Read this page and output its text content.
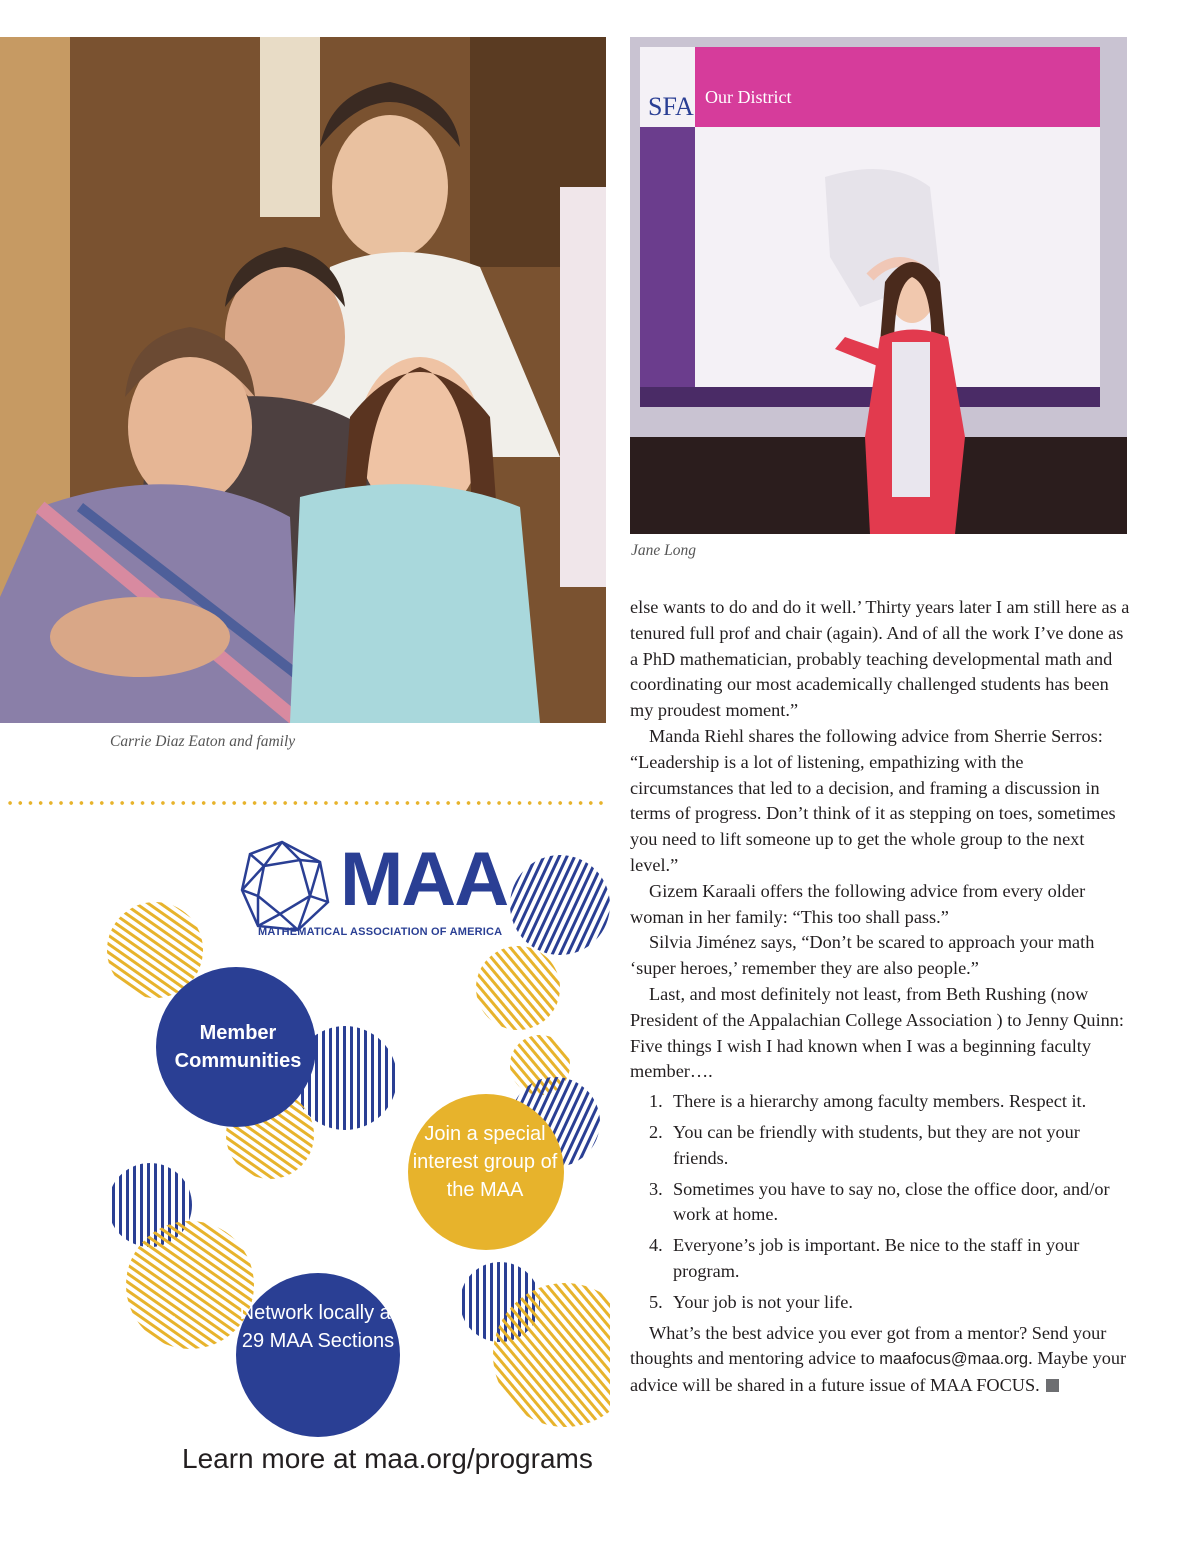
Carrie Diaz Eaton and family
Our District
SFA
Jane Long

else wants to do and do it well.’ Thirty years later I am still here as a tenured full prof and chair (again). And of all the work I’ve done as a PhD mathematician, probably teaching developmental math and coordinating our most academically challenged students has been my proudest moment.”

Manda Riehl shares the following advice from Sherrie Serros: “Leadership is a lot of listening, empathizing with the circumstances that led to a decision, and framing a discussion in terms of progress. Don’t think of it as stepping on toes, sometimes you need to lift someone up to get the whole group to the next level.”

Gizem Karaali offers the following advice from every older woman in her family: “This too shall pass.”

Silvia Jiménez says, “Don’t be scared to approach your math ‘super heroes,’ remember they are also people.”

Last, and most definitely not least, from Beth Rushing (now President of the Appalachian College Association ) to Jenny Quinn: Five things I wish I had known when I was a beginning faculty member….

1. There is a hierarchy among faculty members. Respect it.
2. You can be friendly with students, but they are not your friends.
3. Sometimes you have to say no, close the office door, and/or work at home.
4. Everyone’s job is important. Be nice to the staff in your program.
5. Your job is not your life.

What’s the best advice you ever got from a mentor? Send your thoughts and mentoring advice to maafocus@maa.org. Maybe your advice will be shared in a future issue of MAA FOCUS.

MAA
MATHEMATICAL ASSOCIATION OF AMERICA
Member Communities
Join a special interest group of the MAA
Network locally at 29 MAA Sections
Learn more at maa.org/programs
